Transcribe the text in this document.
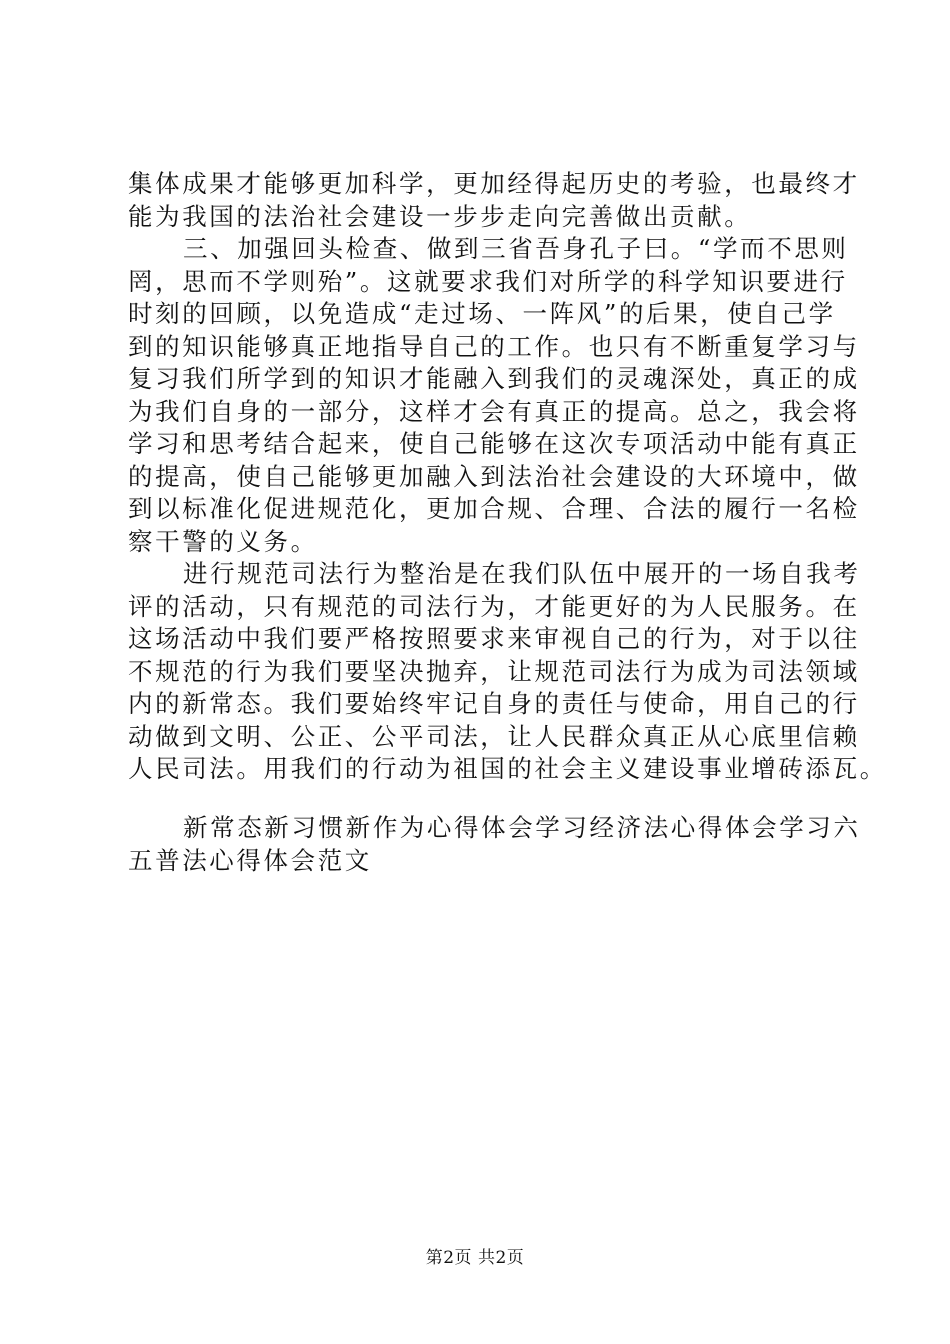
集体成果才能够更加科学，更加经得起历史的考验，也最终才
能为我国的法治社会建设一步步走向完善做出贡献。
三、加强回头检查、做到三省吾身孔子曰。“学而不思则
罔，思而不学则殆”。这就要求我们对所学的科学知识要进行
时刻的回顾，以免造成“走过场、一阵风”的后果，使自己学
到的知识能够真正地指导自己的工作。也只有不断重复学习与
复习我们所学到的知识才能融入到我们的灵魂深处，真正的成
为我们自身的一部分，这样才会有真正的提高。总之，我会将
学习和思考结合起来，使自己能够在这次专项活动中能有真正
的提高，使自己能够更加融入到法治社会建设的大环境中，做
到以标准化促进规范化，更加合规、合理、合法的履行一名检
察干警的义务。
进行规范司法行为整治是在我们队伍中展开的一场自我考
评的活动，只有规范的司法行为，才能更好的为人民服务。在
这场活动中我们要严格按照要求来审视自己的行为，对于以往
不规范的行为我们要坚决抛弃，让规范司法行为成为司法领域
内的新常态。我们要始终牢记自身的责任与使命，用自己的行
动做到文明、公正、公平司法，让人民群众真正从心底里信赖
人民司法。用我们的行动为祖国的社会主义建设事业增砖添瓦。
新常态新习惯新作为心得体会学习经济法心得体会学习六
五普法心得体会范文
第2页 共2页
